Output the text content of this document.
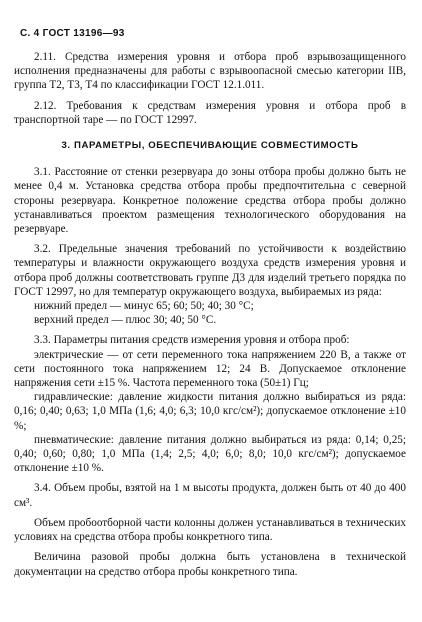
С. 4 ГОСТ 13196—93

2.11. Средства измерения уровня и отбора проб взрывозащищенного исполнения предназначены для работы с взрывоопасной смесью категории IIВ, группа Т2, Т3, Т4 по классификации ГОСТ 12.1.011.

2.12. Требования к средствам измерения уровня и отбора проб в транспортной таре — по ГОСТ 12997.

3. ПАРАМЕТРЫ, ОБЕСПЕЧИВАЮЩИЕ СОВМЕСТИМОСТЬ

3.1. Расстояние от стенки резервуара до зоны отбора пробы должно быть не менее 0,4 м. Установка средства отбора пробы предпочтительна с северной стороны резервуара. Конкретное положение средства отбора пробы должно устанавливаться проектом размещения технологического оборудования на резервуаре.

3.2. Предельные значения требований по устойчивости к воздействию температуры и влажности окружающего воздуха средств измерения уровня и отбора проб должны соответствовать группе Д3 для изделий третьего порядка по ГОСТ 12997, но для температур окружающего воздуха, выбираемых из ряда:

нижний предел — минус 65; 60; 50; 40; 30 °С;

верхний предел — плюс 30; 40; 50 °С.

3.3. Параметры питания средств измерения уровня и отбора проб:

электрические — от сети переменного тока напряжением 220 В, а также от сети постоянного тока напряжением 12; 24 В. Допускаемое отклонение напряжения сети ±15 %. Частота переменного тока (50±1) Гц;

гидравлические: давление жидкости питания должно выбираться из ряда: 0,16; 0,40; 0,63; 1,0 МПа (1,6; 4,0; 6,3; 10,0 кгс/см²); допускаемое отклонение ±10 %;

пневматические: давление питания должно выбираться из ряда: 0,14; 0,25; 0,40; 0,60; 0,80; 1,0 МПа (1,4; 2,5; 4,0; 6,0; 8,0; 10,0 кгс/см²); допускаемое отклонение ±10 %.

3.4. Объем пробы, взятой на 1 м высоты продукта, должен быть от 40 до 400 см³.

Объем пробоотборной части колонны должен устанавливаться в технических условиях на средства отбора пробы конкретного типа.

Величина разовой пробы должна быть установлена в технической документации на средство отбора пробы конкретного типа.
